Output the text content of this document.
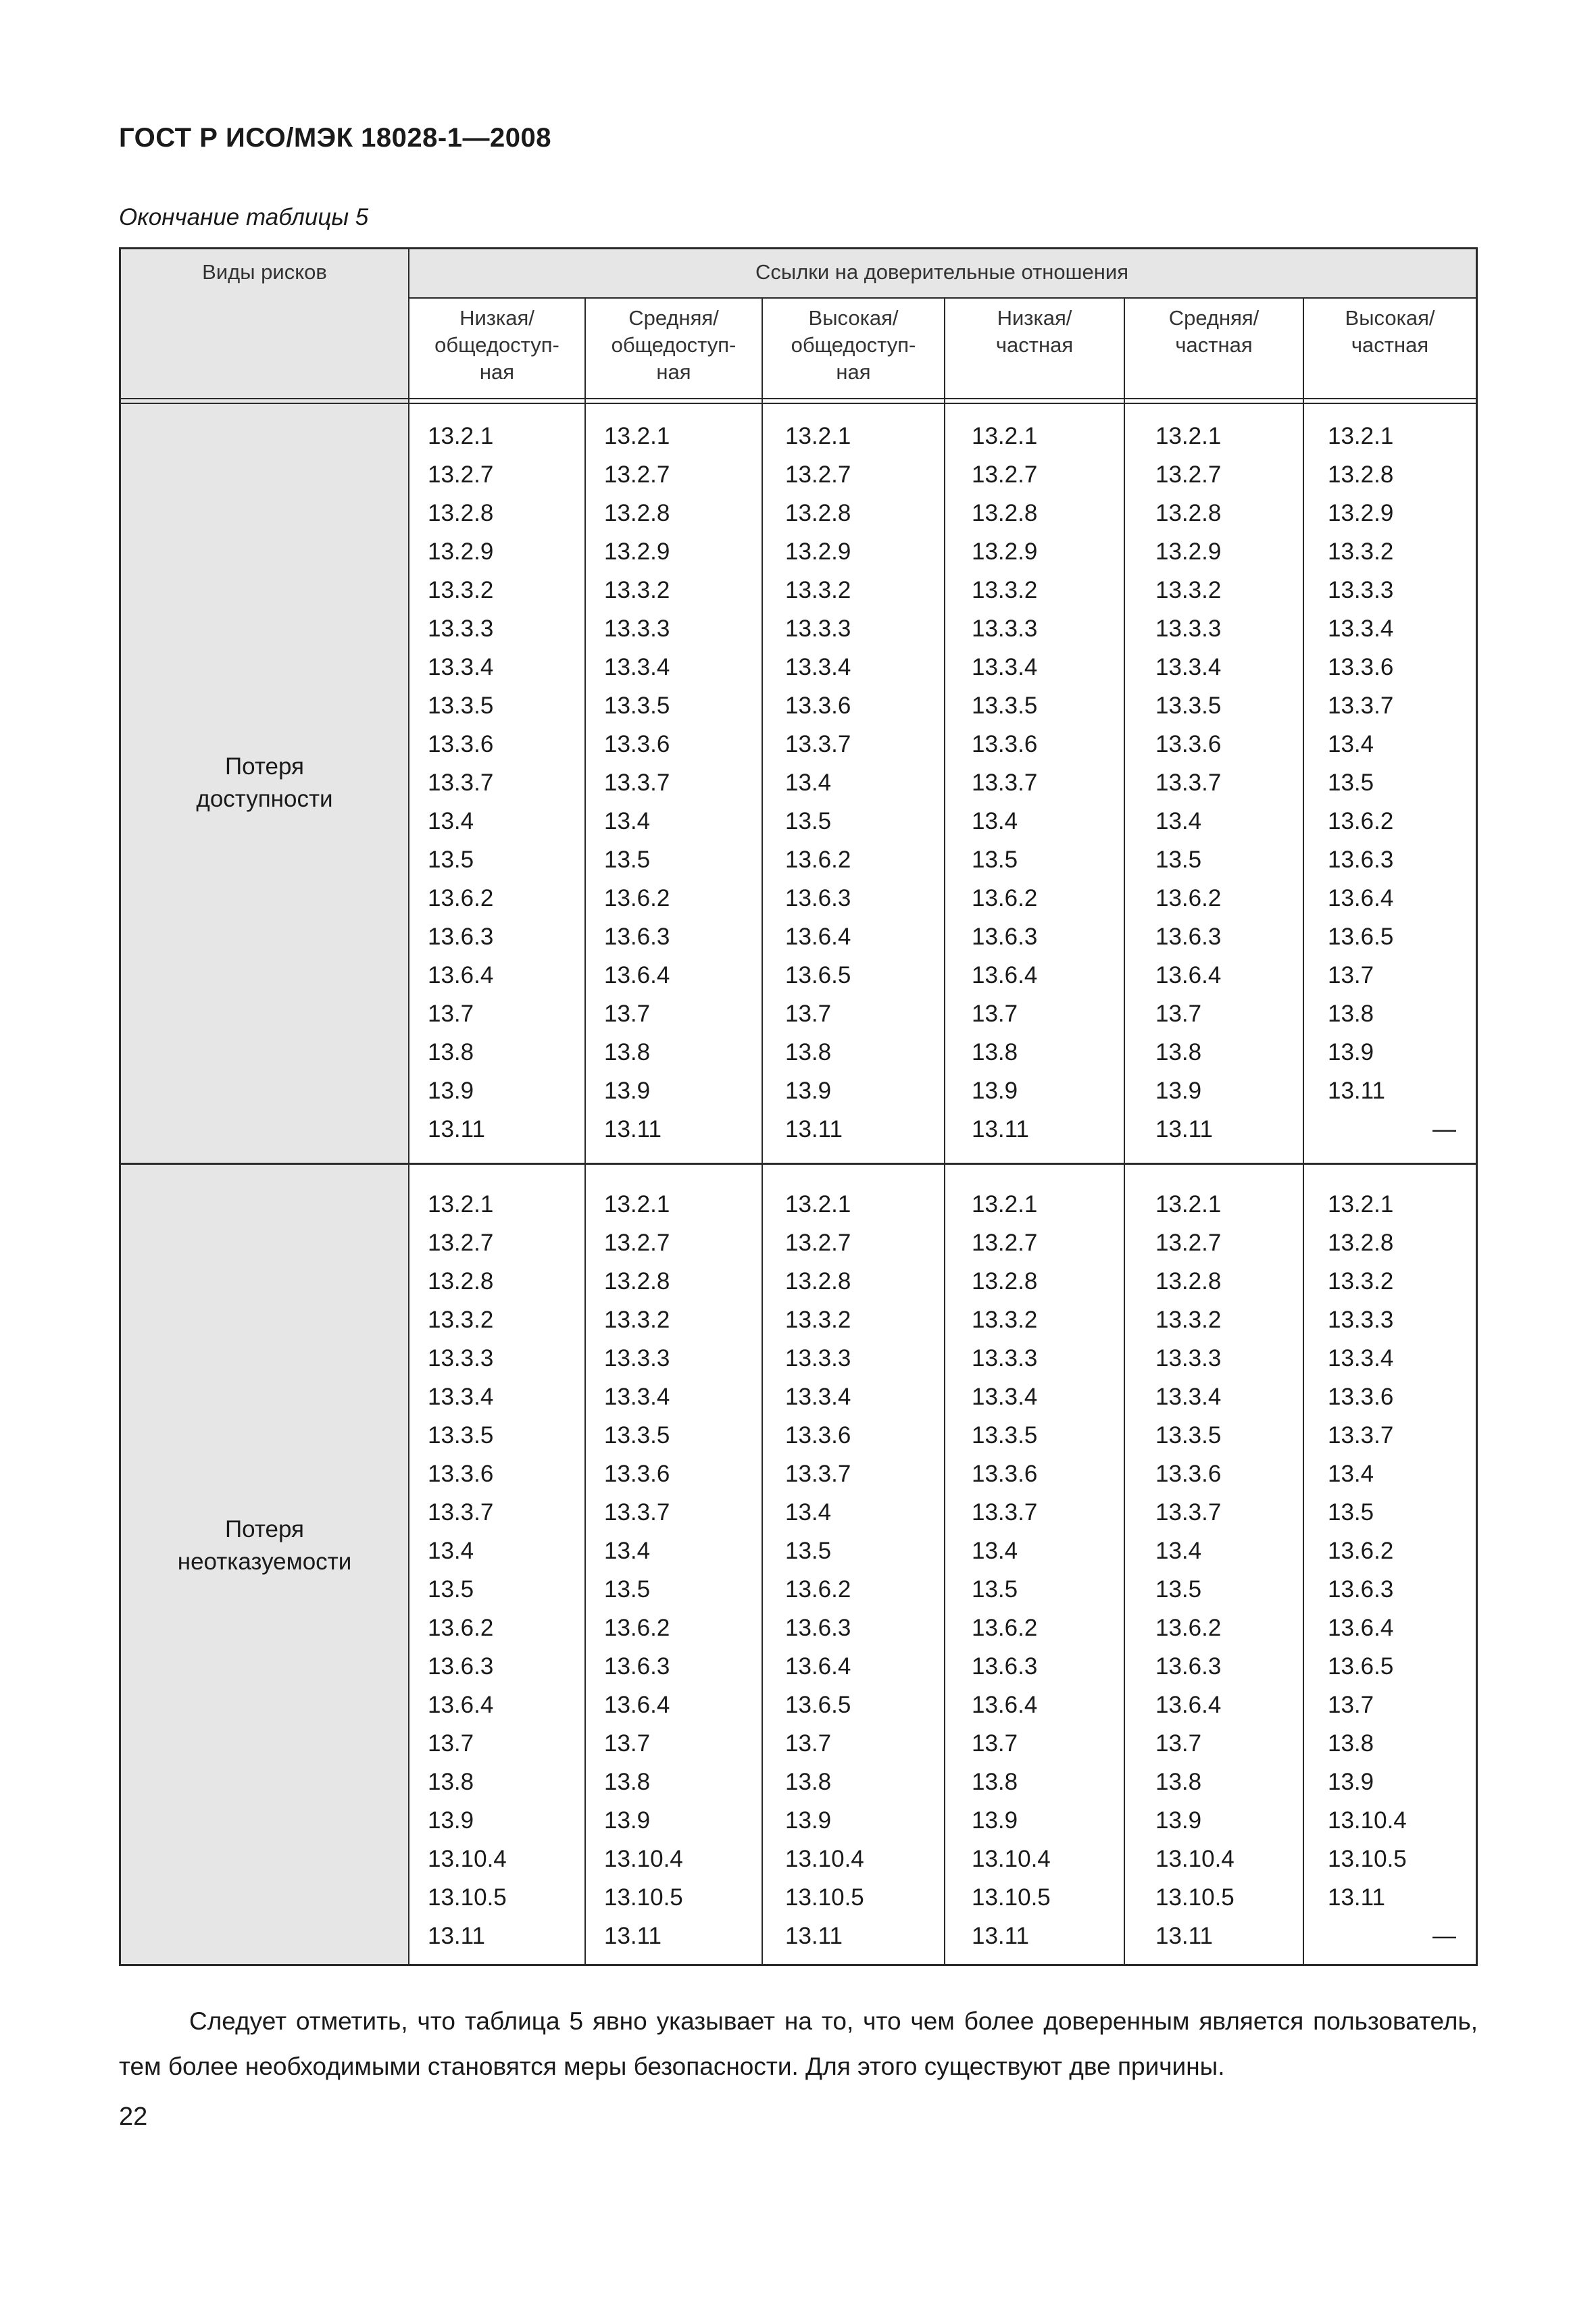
ГОСТ Р ИСО/МЭК 18028-1—2008
Окончание таблицы 5
Виды рисков	Ссылки на доверительные отношения
Низкая/
общедоступ-
ная
Средняя/
общедоступ-
ная
Высокая/
общедоступ-
ная
Низкая/
частная
Средняя/
частная
Высокая/
частная
Потеря
доступности
Потеря
неотказуемости
13.2.1
13.2.7
13.2.8
13.2.9
13.3.2
13.3.3
13.3.4
13.3.5
13.3.6
13.3.7
13.4
13.5
13.6.2
13.6.3
13.6.4
13.7
13.8
13.9
13.11
13.2.1
13.2.7
13.2.8
13.2.9
13.3.2
13.3.3
13.3.4
13.3.5
13.3.6
13.3.7
13.4
13.5
13.6.2
13.6.3
13.6.4
13.7
13.8
13.9
13.11
13.2.1
13.2.7
13.2.8
13.2.9
13.3.2
13.3.3
13.3.4
13.3.6
13.3.7
13.4
13.5
13.6.2
13.6.3
13.6.4
13.6.5
13.7
13.8
13.9
13.11
13.2.1
13.2.7
13.2.8
13.2.9
13.3.2
13.3.3
13.3.4
13.3.5
13.3.6
13.3.7
13.4
13.5
13.6.2
13.6.3
13.6.4
13.7
13.8
13.9
13.11
13.2.1
13.2.7
13.2.8
13.2.9
13.3.2
13.3.3
13.3.4
13.3.5
13.3.6
13.3.7
13.4
13.5
13.6.2
13.6.3
13.6.4
13.7
13.8
13.9
13.11
13.2.1
13.2.8
13.2.9
13.3.2
13.3.3
13.3.4
13.3.6
13.3.7
13.4
13.5
13.6.2
13.6.3
13.6.4
13.6.5
13.7
13.8
13.9
13.11
—
13.2.1
13.2.7
13.2.8
13.3.2
13.3.3
13.3.4
13.3.5
13.3.6
13.3.7
13.4
13.5
13.6.2
13.6.3
13.6.4
13.7
13.8
13.9
13.10.4
13.10.5
13.11
13.2.1
13.2.7
13.2.8
13.3.2
13.3.3
13.3.4
13.3.5
13.3.6
13.3.7
13.4
13.5
13.6.2
13.6.3
13.6.4
13.7
13.8
13.9
13.10.4
13.10.5
13.11
13.2.1
13.2.7
13.2.8
13.3.2
13.3.3
13.3.4
13.3.6
13.3.7
13.4
13.5
13.6.2
13.6.3
13.6.4
13.6.5
13.7
13.8
13.9
13.10.4
13.10.5
13.11
13.2.1
13.2.7
13.2.8
13.3.2
13.3.3
13.3.4
13.3.5
13.3.6
13.3.7
13.4
13.5
13.6.2
13.6.3
13.6.4
13.7
13.8
13.9
13.10.4
13.10.5
13.11
13.2.1
13.2.7
13.2.8
13.3.2
13.3.3
13.3.4
13.3.5
13.3.6
13.3.7
13.4
13.5
13.6.2
13.6.3
13.6.4
13.7
13.8
13.9
13.10.4
13.10.5
13.11
13.2.1
13.2.8
13.3.2
13.3.3
13.3.4
13.3.6
13.3.7
13.4
13.5
13.6.2
13.6.3
13.6.4
13.6.5
13.7
13.8
13.9
13.10.4
13.10.5
13.11
—
Следует отметить, что таблица 5 явно указывает на то, что чем более доверенным является пользователь, тем более необходимыми становятся меры безопасности. Для этого существуют две причины.
22
